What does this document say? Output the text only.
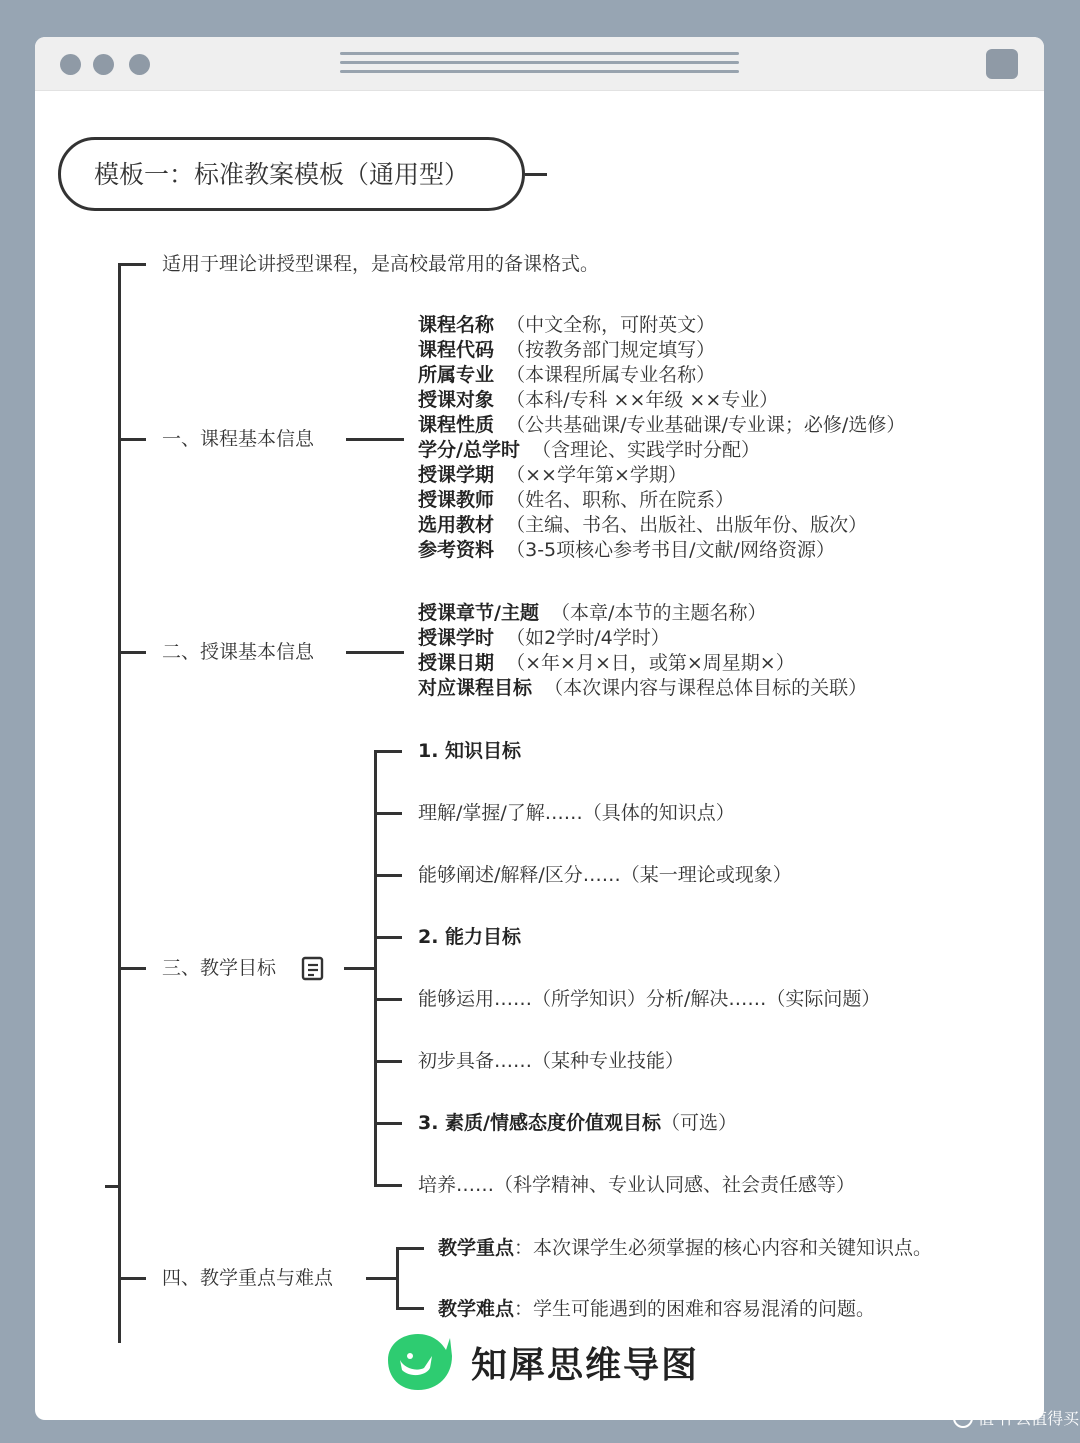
模板一：标准教案模板（通用型）
适用于理论讲授型课程，是高校最常用的备课格式。
一、课程基本信息
课程名称 （中文全称，可附英文）
课程代码 （按教务部门规定填写）
所属专业 （本课程所属专业名称）
授课对象 （本科/专科 ××年级 ××专业）
课程性质 （公共基础课/专业基础课/专业课；必修/选修）
学分/总学时 （含理论、实践学时分配）
授课学期 （××学年第×学期）
授课教师 （姓名、职称、所在院系）
选用教材 （主编、书名、出版社、出版年份、版次）
参考资料 （3-5项核心参考书目/文献/网络资源）
二、授课基本信息
授课章节/主题 （本章/本节的主题名称）
授课学时 （如2学时/4学时）
授课日期 （×年×月×日，或第×周星期×）
对应课程目标 （本次课内容与课程总体目标的关联）
三、教学目标
1. 知识目标
理解/掌握/了解……（具体的知识点）
能够阐述/解释/区分……（某一理论或现象）
2. 能力目标
能够运用……（所学知识）分析/解决……（实际问题）
初步具备……（某种专业技能）
3. 素质/情感态度价值观目标（可选）
培养……（科学精神、专业认同感、社会责任感等）
四、教学重点与难点
教学重点：本次课学生必须掌握的核心内容和关键知识点。
教学难点：学生可能遇到的困难和容易混淆的问题。
知犀思维导图
值 什么值得买
